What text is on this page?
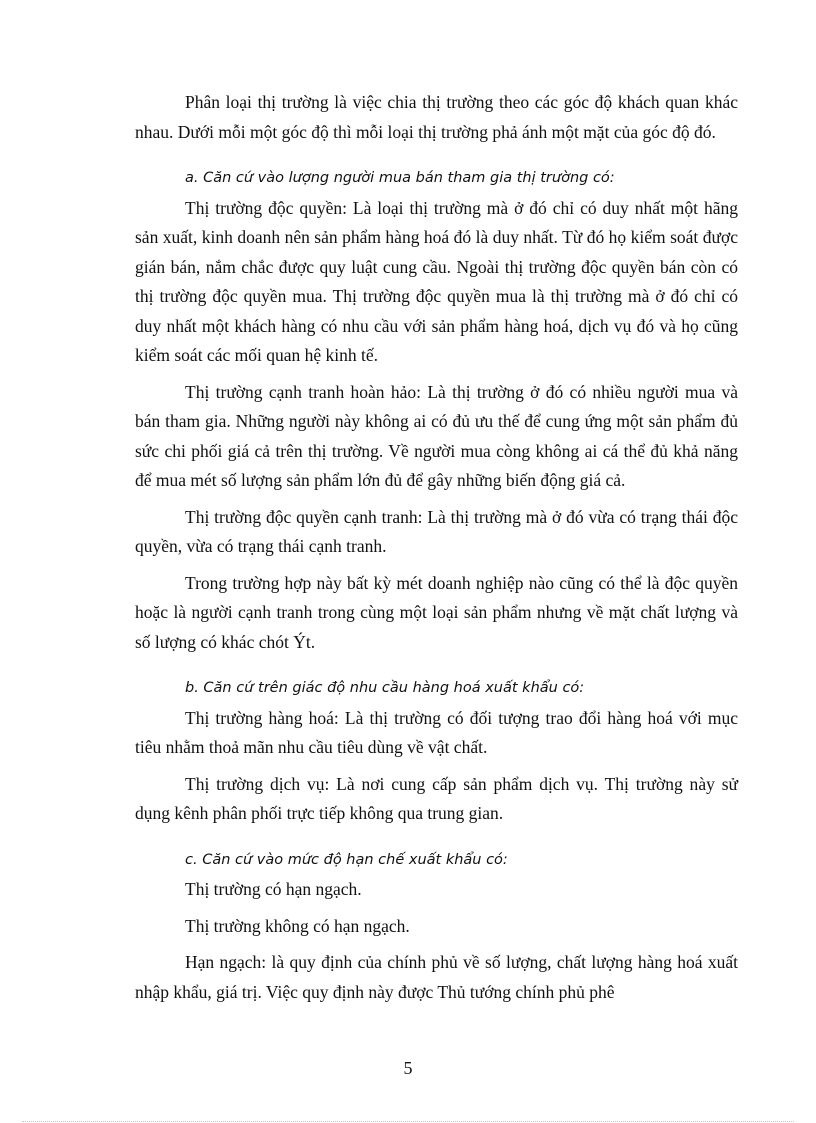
Phân loại thị trường là việc chia thị trường theo các góc độ khách quan khác nhau. Dưới mỗi một góc độ thì mỗi loại thị trường phả ánh một mặt của góc độ đó.

a. Căn cứ vào lượng người mua bán tham gia thị trường có:

Thị trường độc quyền: Là loại thị trường mà ở đó chỉ có duy nhất một hãng sản xuất, kinh doanh nên sản phẩm hàng hoá đó là duy nhất. Từ đó họ kiểm soát được gián bán, nắm chắc được quy luật cung cầu. Ngoài thị trường độc quyền bán còn có thị trường độc quyền mua. Thị trường độc quyền mua là thị trường mà ở đó chỉ có duy nhất một khách hàng có nhu cầu với sản phẩm hàng hoá, dịch vụ đó và họ cũng kiểm soát các mối quan hệ kinh tế.

Thị trường cạnh tranh hoàn hảo: Là thị trường ở đó có nhiều người mua và bán tham gia. Những người này không ai có đủ ưu thế để cung ứng một sản phẩm đủ sức chi phối giá cả trên thị trường. Về người mua còng không ai cá thể đủ khả năng để mua mét số lượng sản phẩm lớn đủ để gây những biến động giá cả.

Thị trường độc quyền cạnh tranh: Là thị trường mà ở đó vừa có trạng thái độc quyền, vừa có trạng thái cạnh tranh.

Trong trường hợp này bất kỳ mét doanh nghiệp nào cũng có thể là độc quyền hoặc là người cạnh tranh trong cùng một loại sản phẩm nhưng về mặt chất lượng và số lượng có khác chót Ýt.

b. Căn cứ trên giác độ nhu cầu hàng hoá xuất khẩu có:

Thị trường hàng hoá: Là thị trường có đối tượng trao đổi hàng hoá với mục tiêu nhằm thoả mãn nhu cầu tiêu dùng về vật chất.

Thị trường dịch vụ: Là nơi cung cấp sản phẩm dịch vụ. Thị trường này sử dụng kênh phân phối trực tiếp không qua trung gian.

c. Căn cứ vào mức độ hạn chế xuất khẩu có:

Thị trường có hạn ngạch.

Thị trường không có hạn ngạch.

Hạn ngạch: là quy định của chính phủ về số lượng, chất lượng hàng hoá xuất nhập khẩu, giá trị. Việc quy định này được Thủ tướng chính phủ phê

5
